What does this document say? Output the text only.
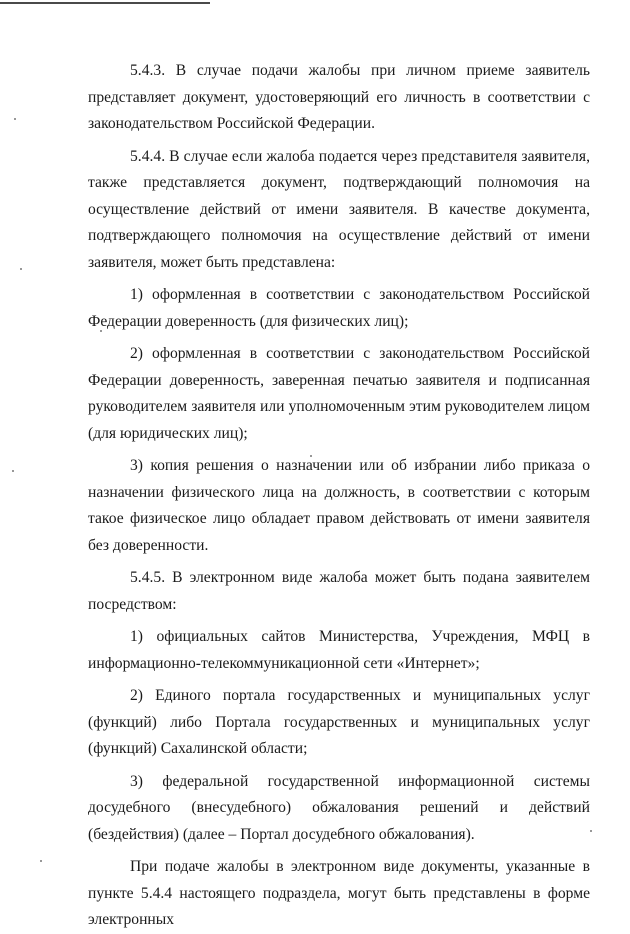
5.4.3. В случае подачи жалобы при личном приеме заявитель представляет документ, удостоверяющий его личность в соответствии с законодательством Российской Федерации.

5.4.4. В случае если жалоба подается через представителя заявителя, также представляется документ, подтверждающий полномочия на осуществление действий от имени заявителя. В качестве документа, подтверждающего полномочия на осуществление действий от имени заявителя, может быть представлена:

1) оформленная в соответствии с законодательством Российской Федерации доверенность (для физических лиц);

2) оформленная в соответствии с законодательством Российской Федерации доверенность, заверенная печатью заявителя и подписанная руководителем заявителя или уполномоченным этим руководителем лицом (для юридических лиц);

3) копия решения о назначении или об избрании либо приказа о назначении физического лица на должность, в соответствии с которым такое физическое лицо обладает правом действовать от имени заявителя без доверенности.

5.4.5. В электронном виде жалоба может быть подана заявителем посредством:

1) официальных сайтов Министерства, Учреждения, МФЦ в информационно-телекоммуникационной сети «Интернет»;

2) Единого портала государственных и муниципальных услуг (функций) либо Портала государственных и муниципальных услуг (функций) Сахалинской области;

3) федеральной государственной информационной системы досудебного (внесудебного) обжалования решений и действий (бездействия) (далее – Портал досудебного обжалования).

При подаче жалобы в электронном виде документы, указанные в пункте 5.4.4 настоящего подраздела, могут быть представлены в форме электронных
